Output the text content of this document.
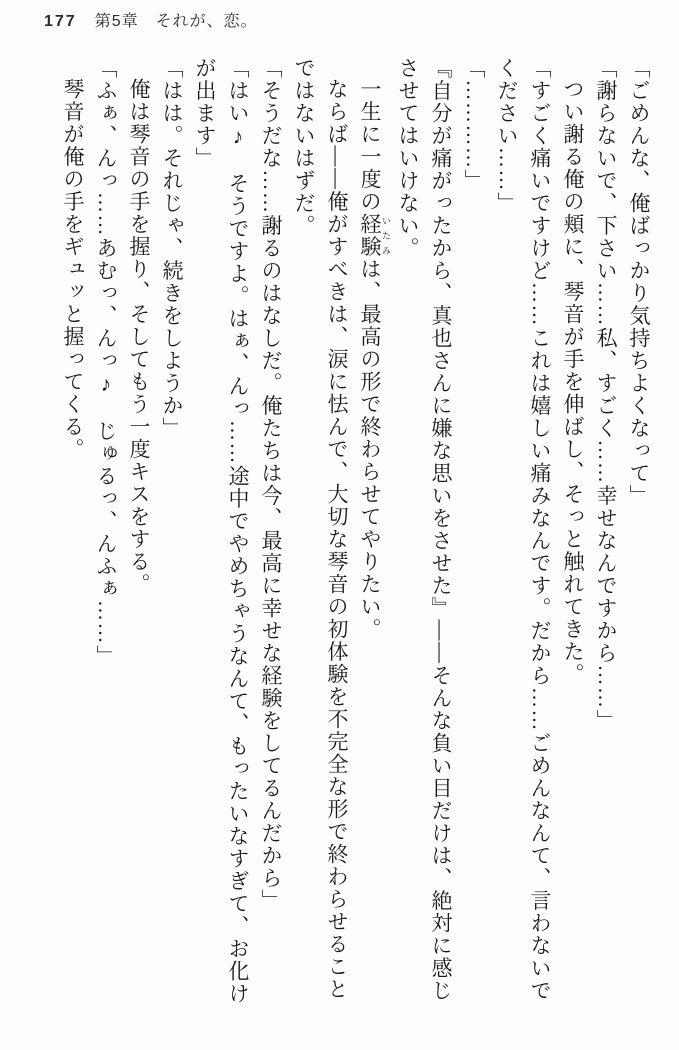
177 第5章　それが、恋。

「ごめんな、俺ばっかり気持ちよくなって」

「謝らないで、下さい……私、すごく……幸せなんですから……」

つい謝る俺の頬に、琴音が手を伸ばし、そっと触れてきた。

「すごく痛いですけど……これは嬉しい痛みなんです。だから……ごめんなんて、言わないでください……」

「…………」

『自分が痛がったから、真也さんに嫌な思いをさせた』――そんな負い目だけは、絶対に感じさせてはいけない。

一生に一度の経験 いたみは、最高の形で終わらせてやりたい。

ならば――俺がすべきは、涙に怯んで、大切な琴音の初体験を不完全な形で終わらせることではないはずだ。

「そうだな……謝るのはなしだ。俺たちは今、最高に幸せな経験をしてるんだから」

「はい♪　そうですよ。はぁ、んっ……途中でやめちゃうなんて、もったいなすぎて、お化けが出ます」

「はは。それじゃ、続きをしようか」

俺は琴音の手を握り、そしてもう一度キスをする。

「ふぁ、んっ……あむっ、んっ♪　じゅるっ、んふぁ……」

琴音が俺の手をギュッと握ってくる。
